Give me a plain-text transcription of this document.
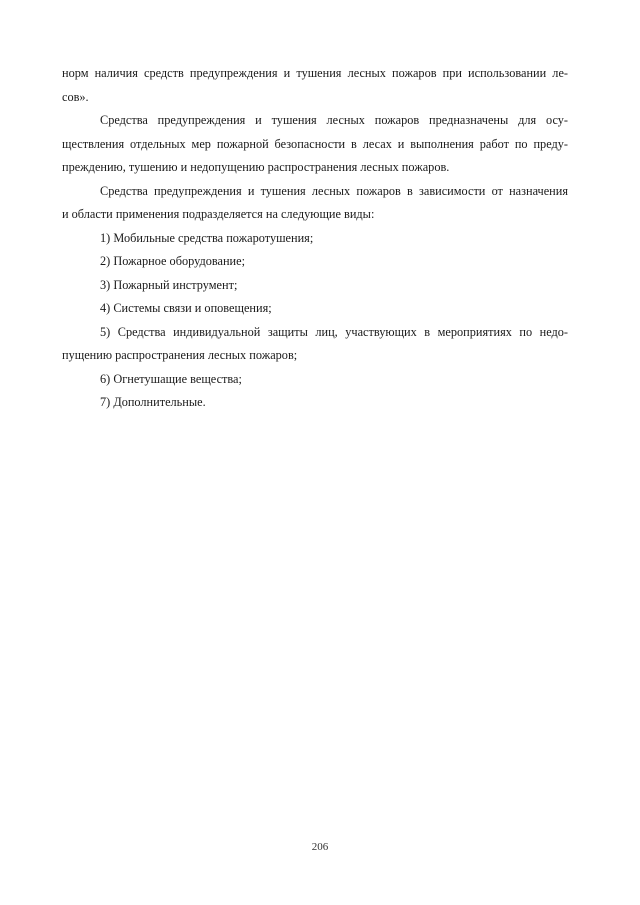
норм наличия средств предупреждения и тушения лесных пожаров при использовании ле-
сов».
Средства предупреждения и тушения лесных пожаров предназначены для осу-
ществления отдельных мер пожарной безопасности в лесах и выполнения работ по преду-
преждению, тушению и недопущению распространения лесных пожаров.
Средства предупреждения и тушения лесных пожаров в зависимости от назначения
и области применения подразделяется на следующие виды:
1) Мобильные средства пожаротушения;
2) Пожарное оборудование;
3) Пожарный инструмент;
4) Системы связи и оповещения;
5) Средства индивидуальной защиты лиц, участвующих в мероприятиях по недо-
пущению распространения лесных пожаров;
6) Огнетушащие вещества;
7) Дополнительные.
206
